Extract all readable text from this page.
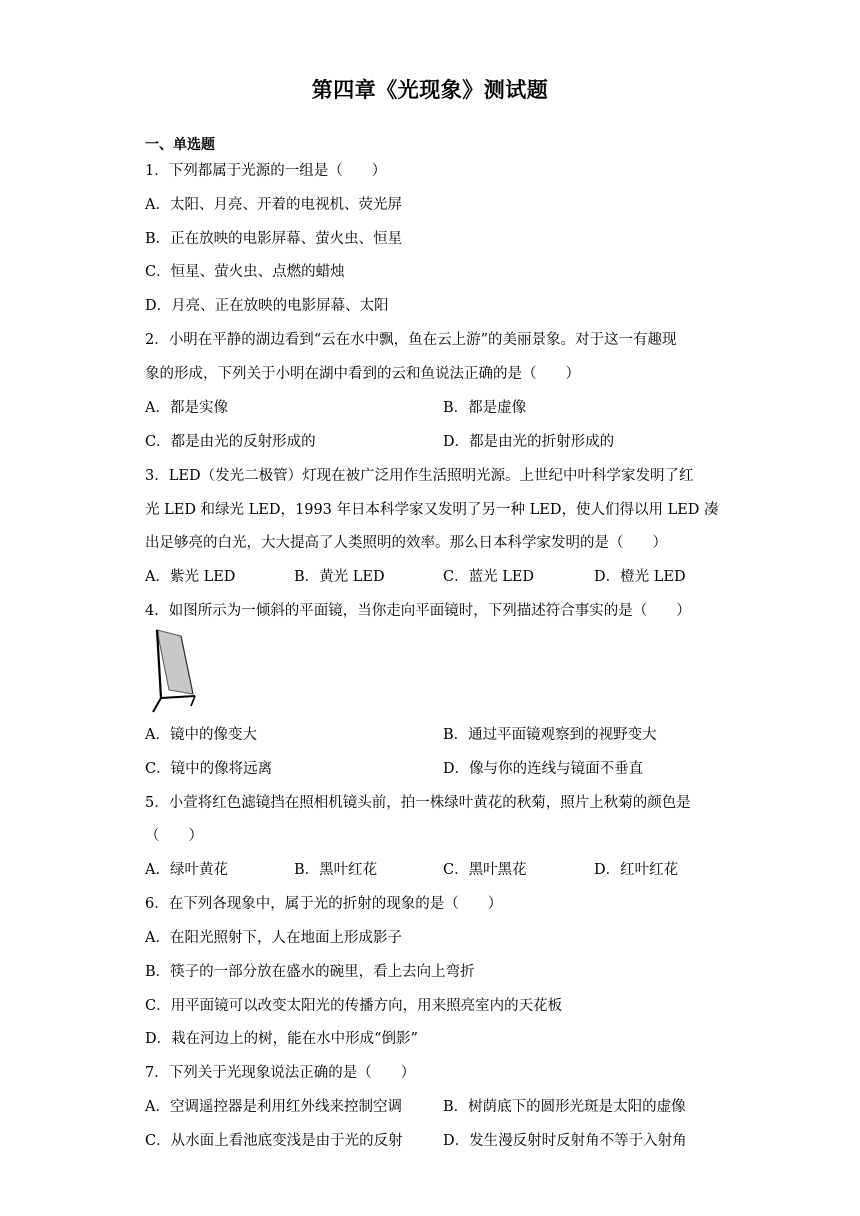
第四章《光现象》测试题
一、单选题
1．下列都属于光源的一组是（　　）
A．太阳、月亮、开着的电视机、荧光屏
B．正在放映的电影屏幕、萤火虫、恒星
C．恒星、萤火虫、点燃的蜡烛
D．月亮、正在放映的电影屏幕、太阳
2．小明在平静的湖边看到“云在水中飘，鱼在云上游”的美丽景象。对于这一有趣现
象的形成，下列关于小明在湖中看到的云和鱼说法正确的是（　　）
A．都是实像	B．都是虚像
C．都是由光的反射形成的	D．都是由光的折射形成的
3．LED（发光二极管）灯现在被广泛用作生活照明光源。上世纪中叶科学家发明了红
光 LED 和绿光 LED，1993 年日本科学家又发明了另一种 LED，使人们得以用 LED 凑
出足够亮的白光，大大提高了人类照明的效率。那么日本科学家发明的是（　　）
A．紫光 LED	B．黄光 LED	C．蓝光 LED	D．橙光 LED
4．如图所示为一倾斜的平面镜，当你走向平面镜时，下列描述符合事实的是（　　）
A．镜中的像变大	B．通过平面镜观察到的视野变大
C．镜中的像将远离	D．像与你的连线与镜面不垂直
5．小萱将红色滤镜挡在照相机镜头前，拍一株绿叶黄花的秋菊，照片上秋菊的颜色是
（　　）
A．绿叶黄花	B．黑叶红花	C．黑叶黑花	D．红叶红花
6．在下列各现象中，属于光的折射的现象的是（　　）
A．在阳光照射下，人在地面上形成影子
B．筷子的一部分放在盛水的碗里，看上去向上弯折
C．用平面镜可以改变太阳光的传播方向，用来照亮室内的天花板
D．栽在河边上的树，能在水中形成“倒影”
7．下列关于光现象说法正确的是（　　）
A．空调遥控器是利用红外线来控制空调	B．树荫底下的圆形光斑是太阳的虚像
C．从水面上看池底变浅是由于光的反射	D．发生漫反射时反射角不等于入射角
